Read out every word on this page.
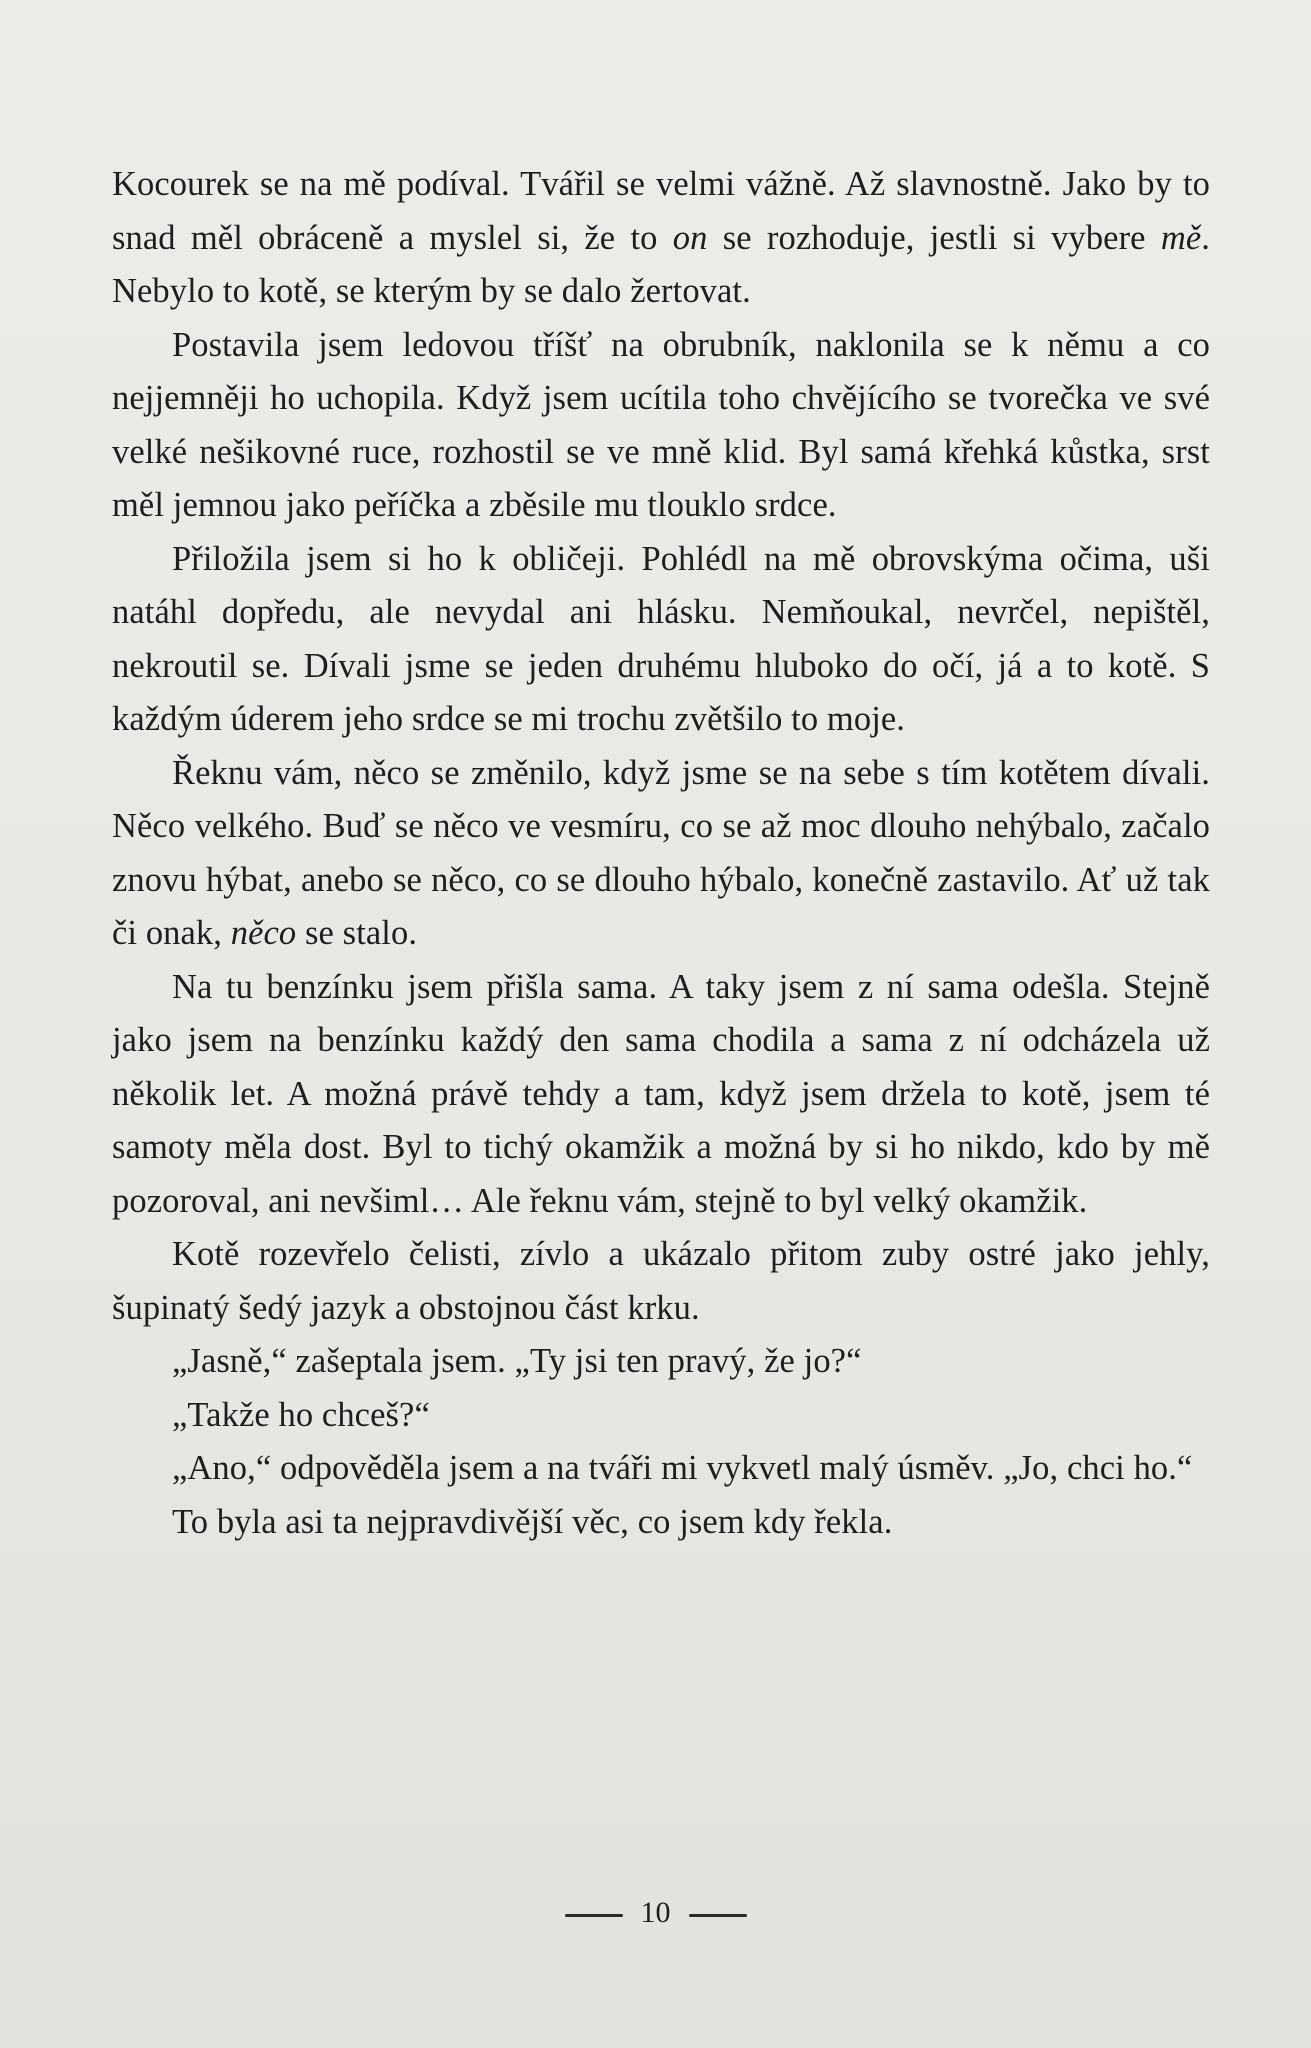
Kocourek se na mě podíval. Tvářil se velmi vážně. Až slavnostně. Jako by to snad měl obráceně a myslel si, že to on se rozhoduje, jestli si vybere mě. Nebylo to kotě, se kterým by se dalo žertovat.

Postavila jsem ledovou tříšť na obrubník, naklonila se k němu a co nejjemněji ho uchopila. Když jsem ucítila toho chvějícího se tvorečka ve své velké nešikovné ruce, rozhostil se ve mně klid. Byl samá křehká kůstka, srst měl jemnou jako peříčka a zběsile mu tlouklo srdce.

Přiložila jsem si ho k obličeji. Pohlédl na mě obrovskýma očima, uši natáhl dopředu, ale nevydal ani hlásku. Nemňoukal, nevrčel, nepištěl, nekroutil se. Dívali jsme se jeden druhému hluboko do očí, já a to kotě. S každým úderem jeho srdce se mi trochu zvětšilo to moje.

Řeknu vám, něco se změnilo, když jsme se na sebe s tím kotětem dívali. Něco velkého. Buď se něco ve vesmíru, co se až moc dlouho nehýbalo, začalo znovu hýbat, anebo se něco, co se dlouho hýbalo, konečně zastavilo. Ať už tak či onak, něco se stalo.

Na tu benzínku jsem přišla sama. A taky jsem z ní sama odešla. Stejně jako jsem na benzínku každý den sama chodila a sama z ní odcházela už několik let. A možná právě tehdy a tam, když jsem držela to kotě, jsem té samoty měla dost. Byl to tichý okamžik a možná by si ho nikdo, kdo by mě pozoroval, ani nevšiml… Ale řeknu vám, stejně to byl velký okamžik.

Kotě rozevřelo čelisti, zívlo a ukázalo přitom zuby ostré jako jehly, šupinatý šedý jazyk a obstojnou část krku.

„Jasně,“ zašeptala jsem. „Ty jsi ten pravý, že jo?“

„Takže ho chceš?“

„Ano,“ odpověděla jsem a na tváři mi vykvetl malý úsměv. „Jo, chci ho.“

To byla asi ta nejpravdivější věc, co jsem kdy řekla.

10
